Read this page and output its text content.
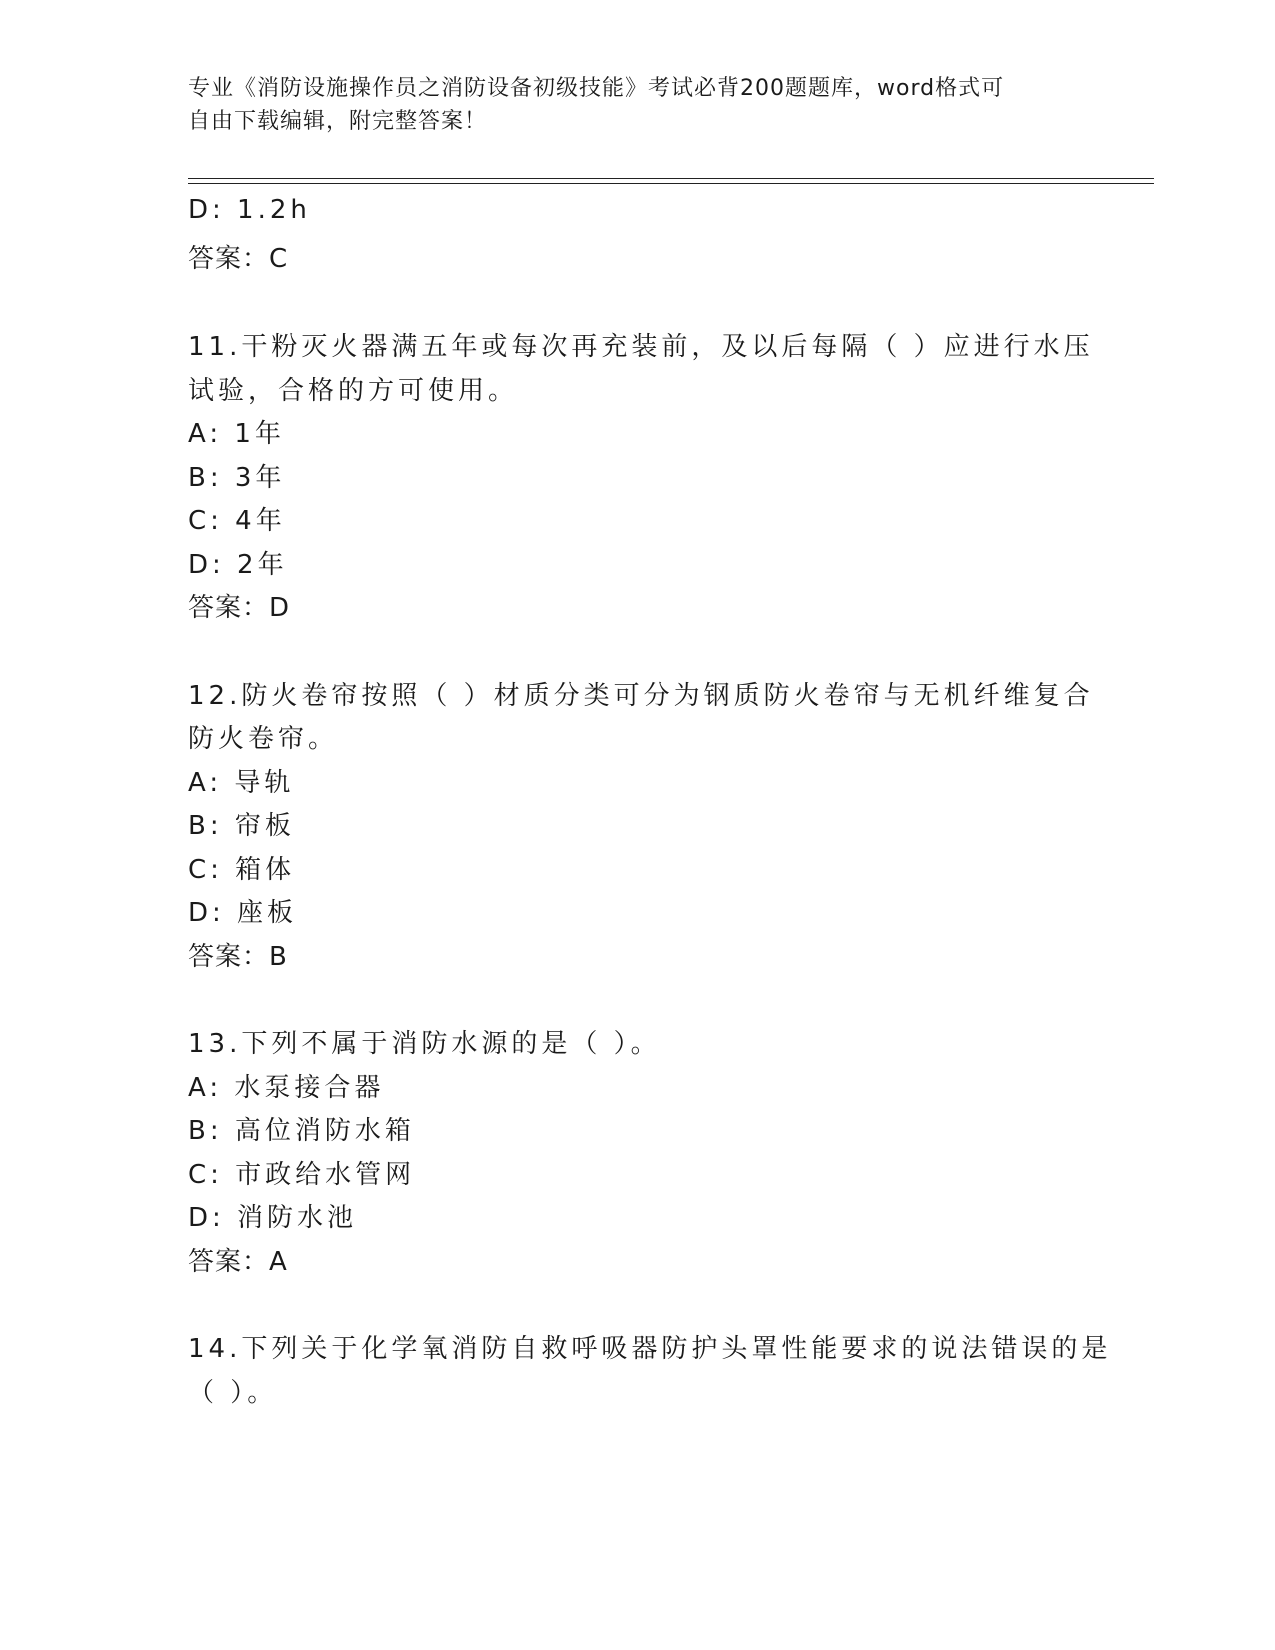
专业《消防设施操作员之消防设备初级技能》考试必背200题题库，word格式可
自由下载编辑，附完整答案！
D: 1.2h
答案：C
11.干粉灭火器满五年或每次再充装前，及以后每隔（ ）应进行水压
试验，合格的方可使用。
A: 1年
B: 3年
C: 4年
D: 2年
答案：D
12.防火卷帘按照（ ）材质分类可分为钢质防火卷帘与无机纤维复合
防火卷帘。
A: 导轨
B: 帘板
C: 箱体
D: 座板
答案：B
13.下列不属于消防水源的是（ ）。
A: 水泵接合器
B: 高位消防水箱
C: 市政给水管网
D: 消防水池
答案：A
14.下列关于化学氧消防自救呼吸器防护头罩性能要求的说法错误的是
（ ）。
